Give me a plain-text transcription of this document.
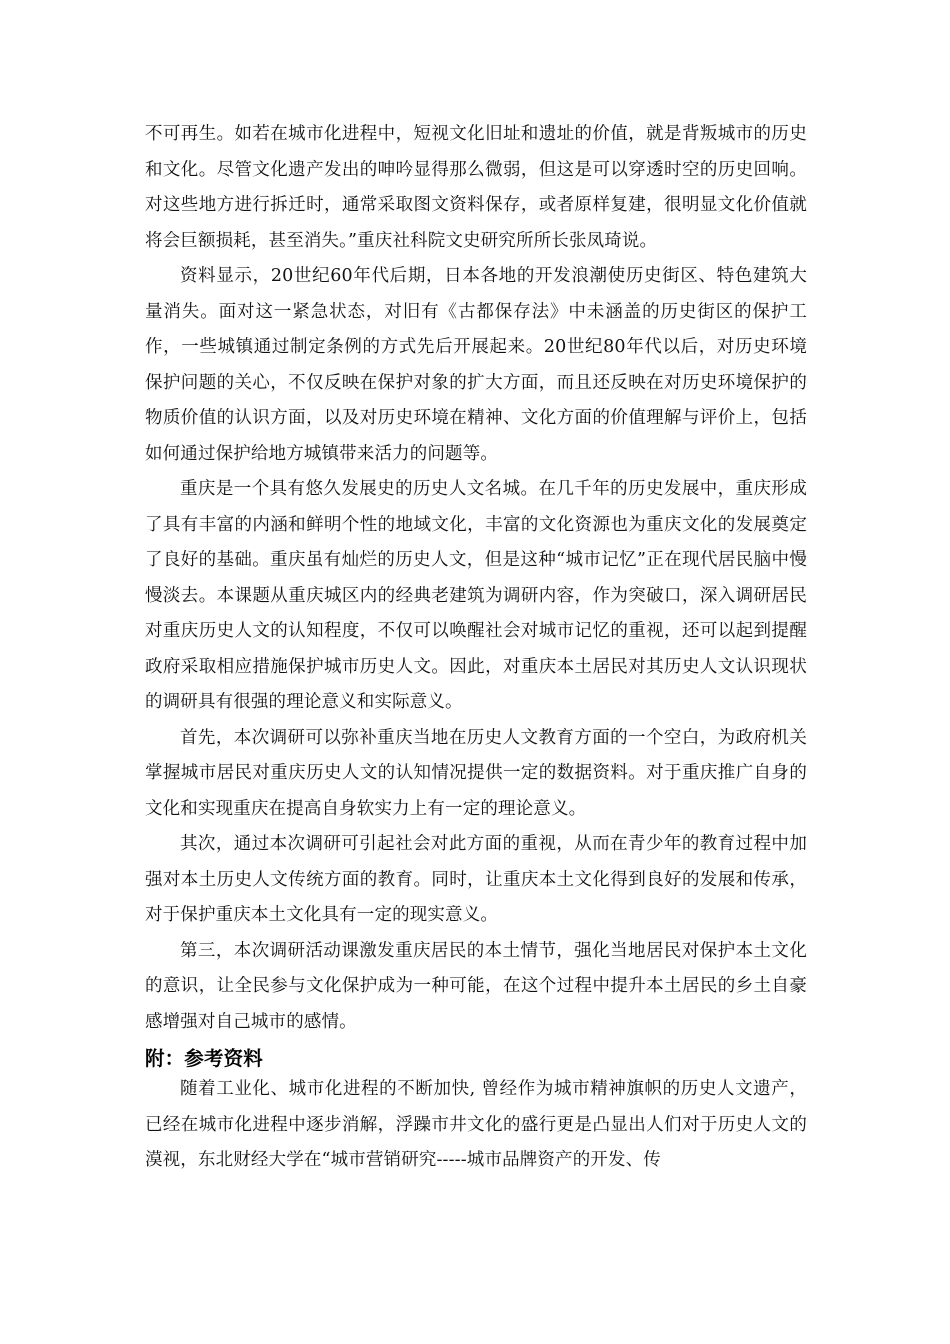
不可再生。如若在城市化进程中，短视文化旧址和遗址的价值，就是背叛城市的历史和文化。尽管文化遗产发出的呻吟显得那么微弱，但这是可以穿透时空的历史回响。对这些地方进行拆迁时，通常采取图文资料保存，或者原样复建，很明显文化价值就将会巨额损耗，甚至消失。”重庆社科院文史研究所所长张凤琦说。

资料显示，20世纪60年代后期，日本各地的开发浪潮使历史街区、特色建筑大量消失。面对这一紧急状态，对旧有《古都保存法》中未涵盖的历史街区的保护工作，一些城镇通过制定条例的方式先后开展起来。20世纪80年代以后，对历史环境保护问题的关心，不仅反映在保护对象的扩大方面，而且还反映在对历史环境保护的物质价值的认识方面，以及对历史环境在精神、文化方面的价值理解与评价上，包括如何通过保护给地方城镇带来活力的问题等。

重庆是一个具有悠久发展史的历史人文名城。在几千年的历史发展中，重庆形成了具有丰富的内涵和鲜明个性的地域文化，丰富的文化资源也为重庆文化的发展奠定了良好的基础。重庆虽有灿烂的历史人文，但是这种“城市记忆”正在现代居民脑中慢慢淡去。本课题从重庆城区内的经典老建筑为调研内容，作为突破口，深入调研居民对重庆历史人文的认知程度，不仅可以唤醒社会对城市记忆的重视，还可以起到提醒政府采取相应措施保护城市历史人文。因此，对重庆本土居民对其历史人文认识现状的调研具有很强的理论意义和实际意义。

首先，本次调研可以弥补重庆当地在历史人文教育方面的一个空白，为政府机关掌握城市居民对重庆历史人文的认知情况提供一定的数据资料。对于重庆推广自身的文化和实现重庆在提高自身软实力上有一定的理论意义。

其次，通过本次调研可引起社会对此方面的重视，从而在青少年的教育过程中加强对本土历史人文传统方面的教育。同时，让重庆本土文化得到良好的发展和传承，对于保护重庆本土文化具有一定的现实意义。

第三，本次调研活动课激发重庆居民的本土情节，强化当地居民对保护本土文化的意识，让全民参与文化保护成为一种可能，在这个过程中提升本土居民的乡土自豪感增强对自己城市的感情。

附：参考资料

随着工业化、城市化进程的不断加快, 曾经作为城市精神旗帜的历史人文遗产，已经在城市化进程中逐步消解，浮躁市井文化的盛行更是凸显出人们对于历史人文的漠视，东北财经大学在“城市营销研究-----城市品牌资产的开发、传
